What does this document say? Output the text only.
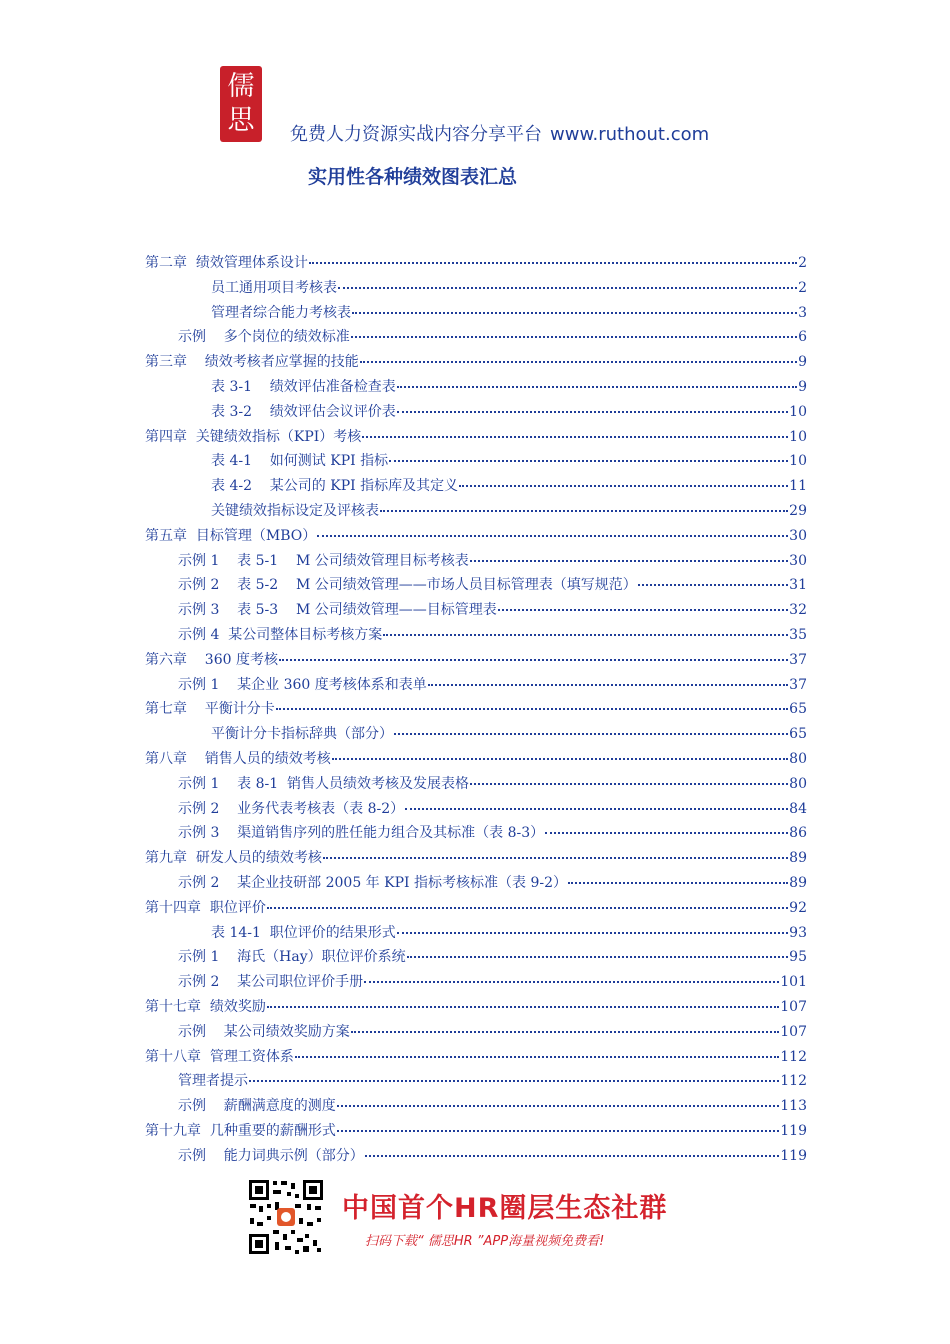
儒
思	免费人力资源实战内容分享平台 www.ruthout.com
实用性各种绩效图表汇总
第二章  绩效管理体系设计	2
员工通用项目考核表	2
管理者综合能力考核表	3
示例    多个岗位的绩效标准	6
第三章    绩效考核者应掌握的技能	9
表 3-1    绩效评估准备检查表	9
表 3-2    绩效评估会议评价表	10
第四章  关键绩效指标（KPI）考核	10
表 4-1    如何测试 KPI 指标	10
表 4-2    某公司的 KPI 指标库及其定义	11
关键绩效指标设定及评核表	29
第五章  目标管理（MBO）	30
示例 1    表 5-1    M 公司绩效管理目标考核表	30
示例 2    表 5-2    M 公司绩效管理——市场人员目标管理表（填写规范）	31
示例 3    表 5-3    M 公司绩效管理——目标管理表	32
示例 4  某公司整体目标考核方案	35
第六章    360 度考核	37
示例 1    某企业 360 度考核体系和表单	37
第七章    平衡计分卡	65
平衡计分卡指标辞典（部分）	65
第八章    销售人员的绩效考核	80
示例 1    表 8-1  销售人员绩效考核及发展表格	80
示例 2    业务代表考核表（表 8-2）	84
示例 3    渠道销售序列的胜任能力组合及其标准（表 8-3）	86
第九章  研发人员的绩效考核	89
示例 2    某企业技研部 2005 年 KPI 指标考核标准（表 9-2）	89
第十四章  职位评价	92
表 14-1  职位评价的结果形式	93
示例 1    海氏（Hay）职位评价系统	95
示例 2    某公司职位评价手册	101
第十七章  绩效奖励	107
示例    某公司绩效奖励方案	107
第十八章  管理工资体系	112
管理者提示	112
示例    薪酬满意度的测度	113
第十九章  几种重要的薪酬形式	119
示例    能力词典示例（部分）	119
中国首个HR圈层生态社群
扫码下载“ 儒思HR ”APP海量视频免费看!
